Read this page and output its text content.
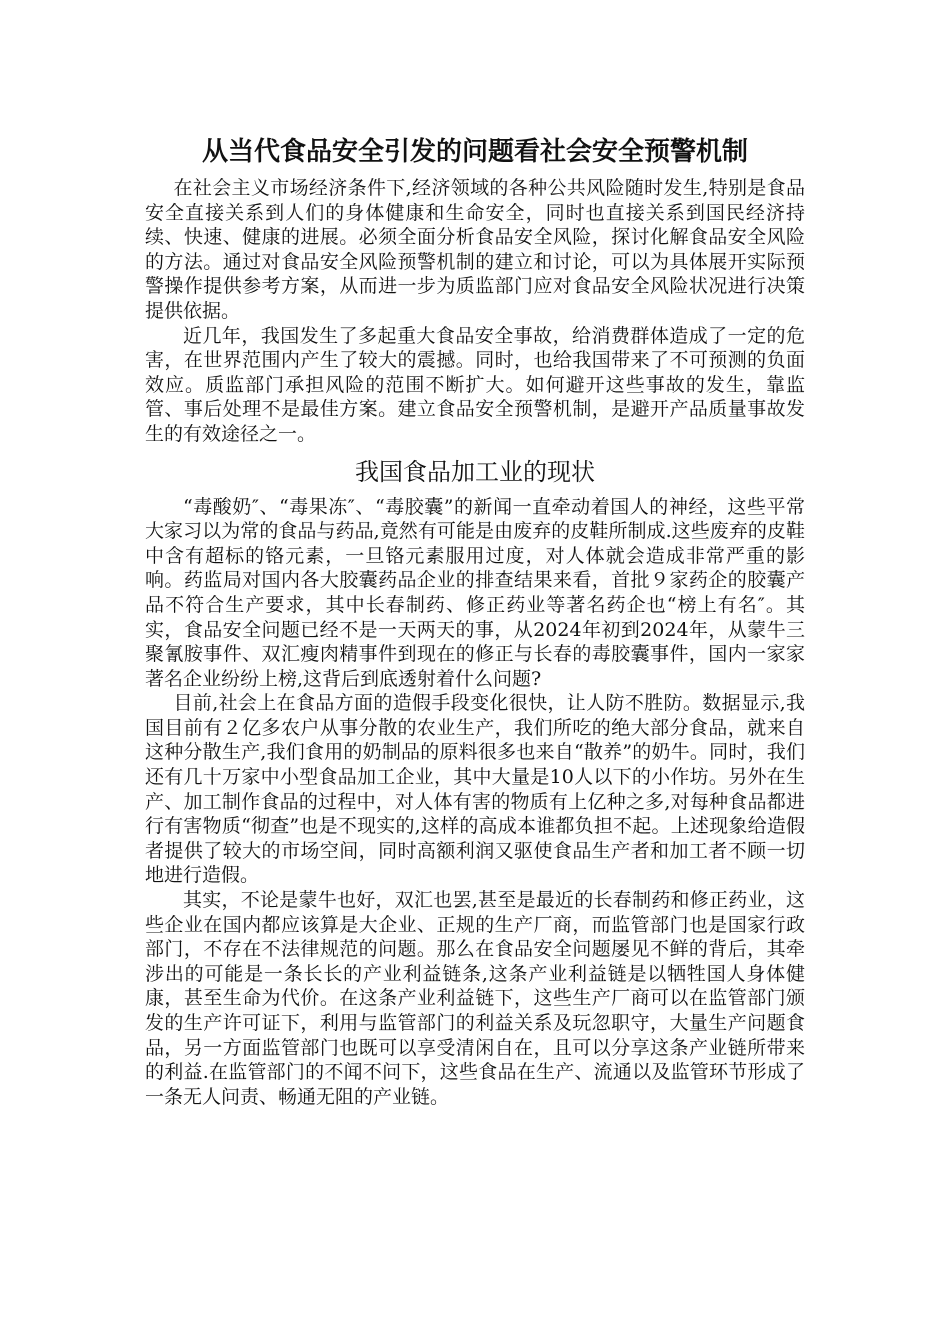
从当代食品安全引发的问题看社会安全预警机制

在社会主义市场经济条件下,经济领域的各种公共风险随时发生,特别是食品安全直接关系到人们的身体健康和生命安全，同时也直接关系到国民经济持续、快速、健康的进展。必须全面分析食品安全风险，探讨化解食品安全风险的方法。通过对食品安全风险预警机制的建立和讨论，可以为具体展开实际预警操作提供参考方案，从而进一步为质监部门应对食品安全风险状况进行决策提供依据。

近几年，我国发生了多起重大食品安全事故，给消费群体造成了一定的危害，在世界范围内产生了较大的震撼。同时，也给我国带来了不可预测的负面效应。质监部门承担风险的范围不断扩大。如何避开这些事故的发生，靠监管、事后处理不是最佳方案。建立食品安全预警机制，是避开产品质量事故发生的有效途径之一。

我国食品加工业的现状

“毒酸奶″、“毒果冻″、“毒胶囊”的新闻一直牵动着国人的神经，这些平常大家习以为常的食品与药品,竟然有可能是由废弃的皮鞋所制成.这些废弃的皮鞋中含有超标的铬元素，一旦铬元素服用过度，对人体就会造成非常严重的影响。药监局对国内各大胶囊药品企业的排查结果来看，首批９家药企的胶囊产品不符合生产要求，其中长春制药、修正药业等著名药企也“榜上有名″。其实，食品安全问题已经不是一天两天的事，从2024年初到2024年，从蒙牛三聚氰胺事件、双汇瘦肉精事件到现在的修正与长春的毒胶囊事件，国内一家家著名企业纷纷上榜,这背后到底透射着什么问题?

目前,社会上在食品方面的造假手段变化很快，让人防不胜防。数据显示,我国目前有２亿多农户从事分散的农业生产，我们所吃的绝大部分食品，就来自这种分散生产,我们食用的奶制品的原料很多也来自“散养”的奶牛。同时，我们还有几十万家中小型食品加工企业，其中大量是10人以下的小作坊。另外在生产、加工制作食品的过程中，对人体有害的物质有上亿种之多,对每种食品都进行有害物质“彻查”也是不现实的,这样的高成本谁都负担不起。上述现象给造假者提供了较大的市场空间，同时高额利润又驱使食品生产者和加工者不顾一切地进行造假。

其实，不论是蒙牛也好，双汇也罢,甚至是最近的长春制药和修正药业，这些企业在国内都应该算是大企业、正规的生产厂商，而监管部门也是国家行政部门，不存在不法律规范的问题。那么在食品安全问题屡见不鲜的背后，其牵涉出的可能是一条长长的产业利益链条,这条产业利益链是以牺牲国人身体健康，甚至生命为代价。在这条产业利益链下，这些生产厂商可以在监管部门颁发的生产许可证下，利用与监管部门的利益关系及玩忽职守，大量生产问题食品，另一方面监管部门也既可以享受清闲自在，且可以分享这条产业链所带来的利益.在监管部门的不闻不问下，这些食品在生产、流通以及监管环节形成了一条无人问责、畅通无阻的产业链。
